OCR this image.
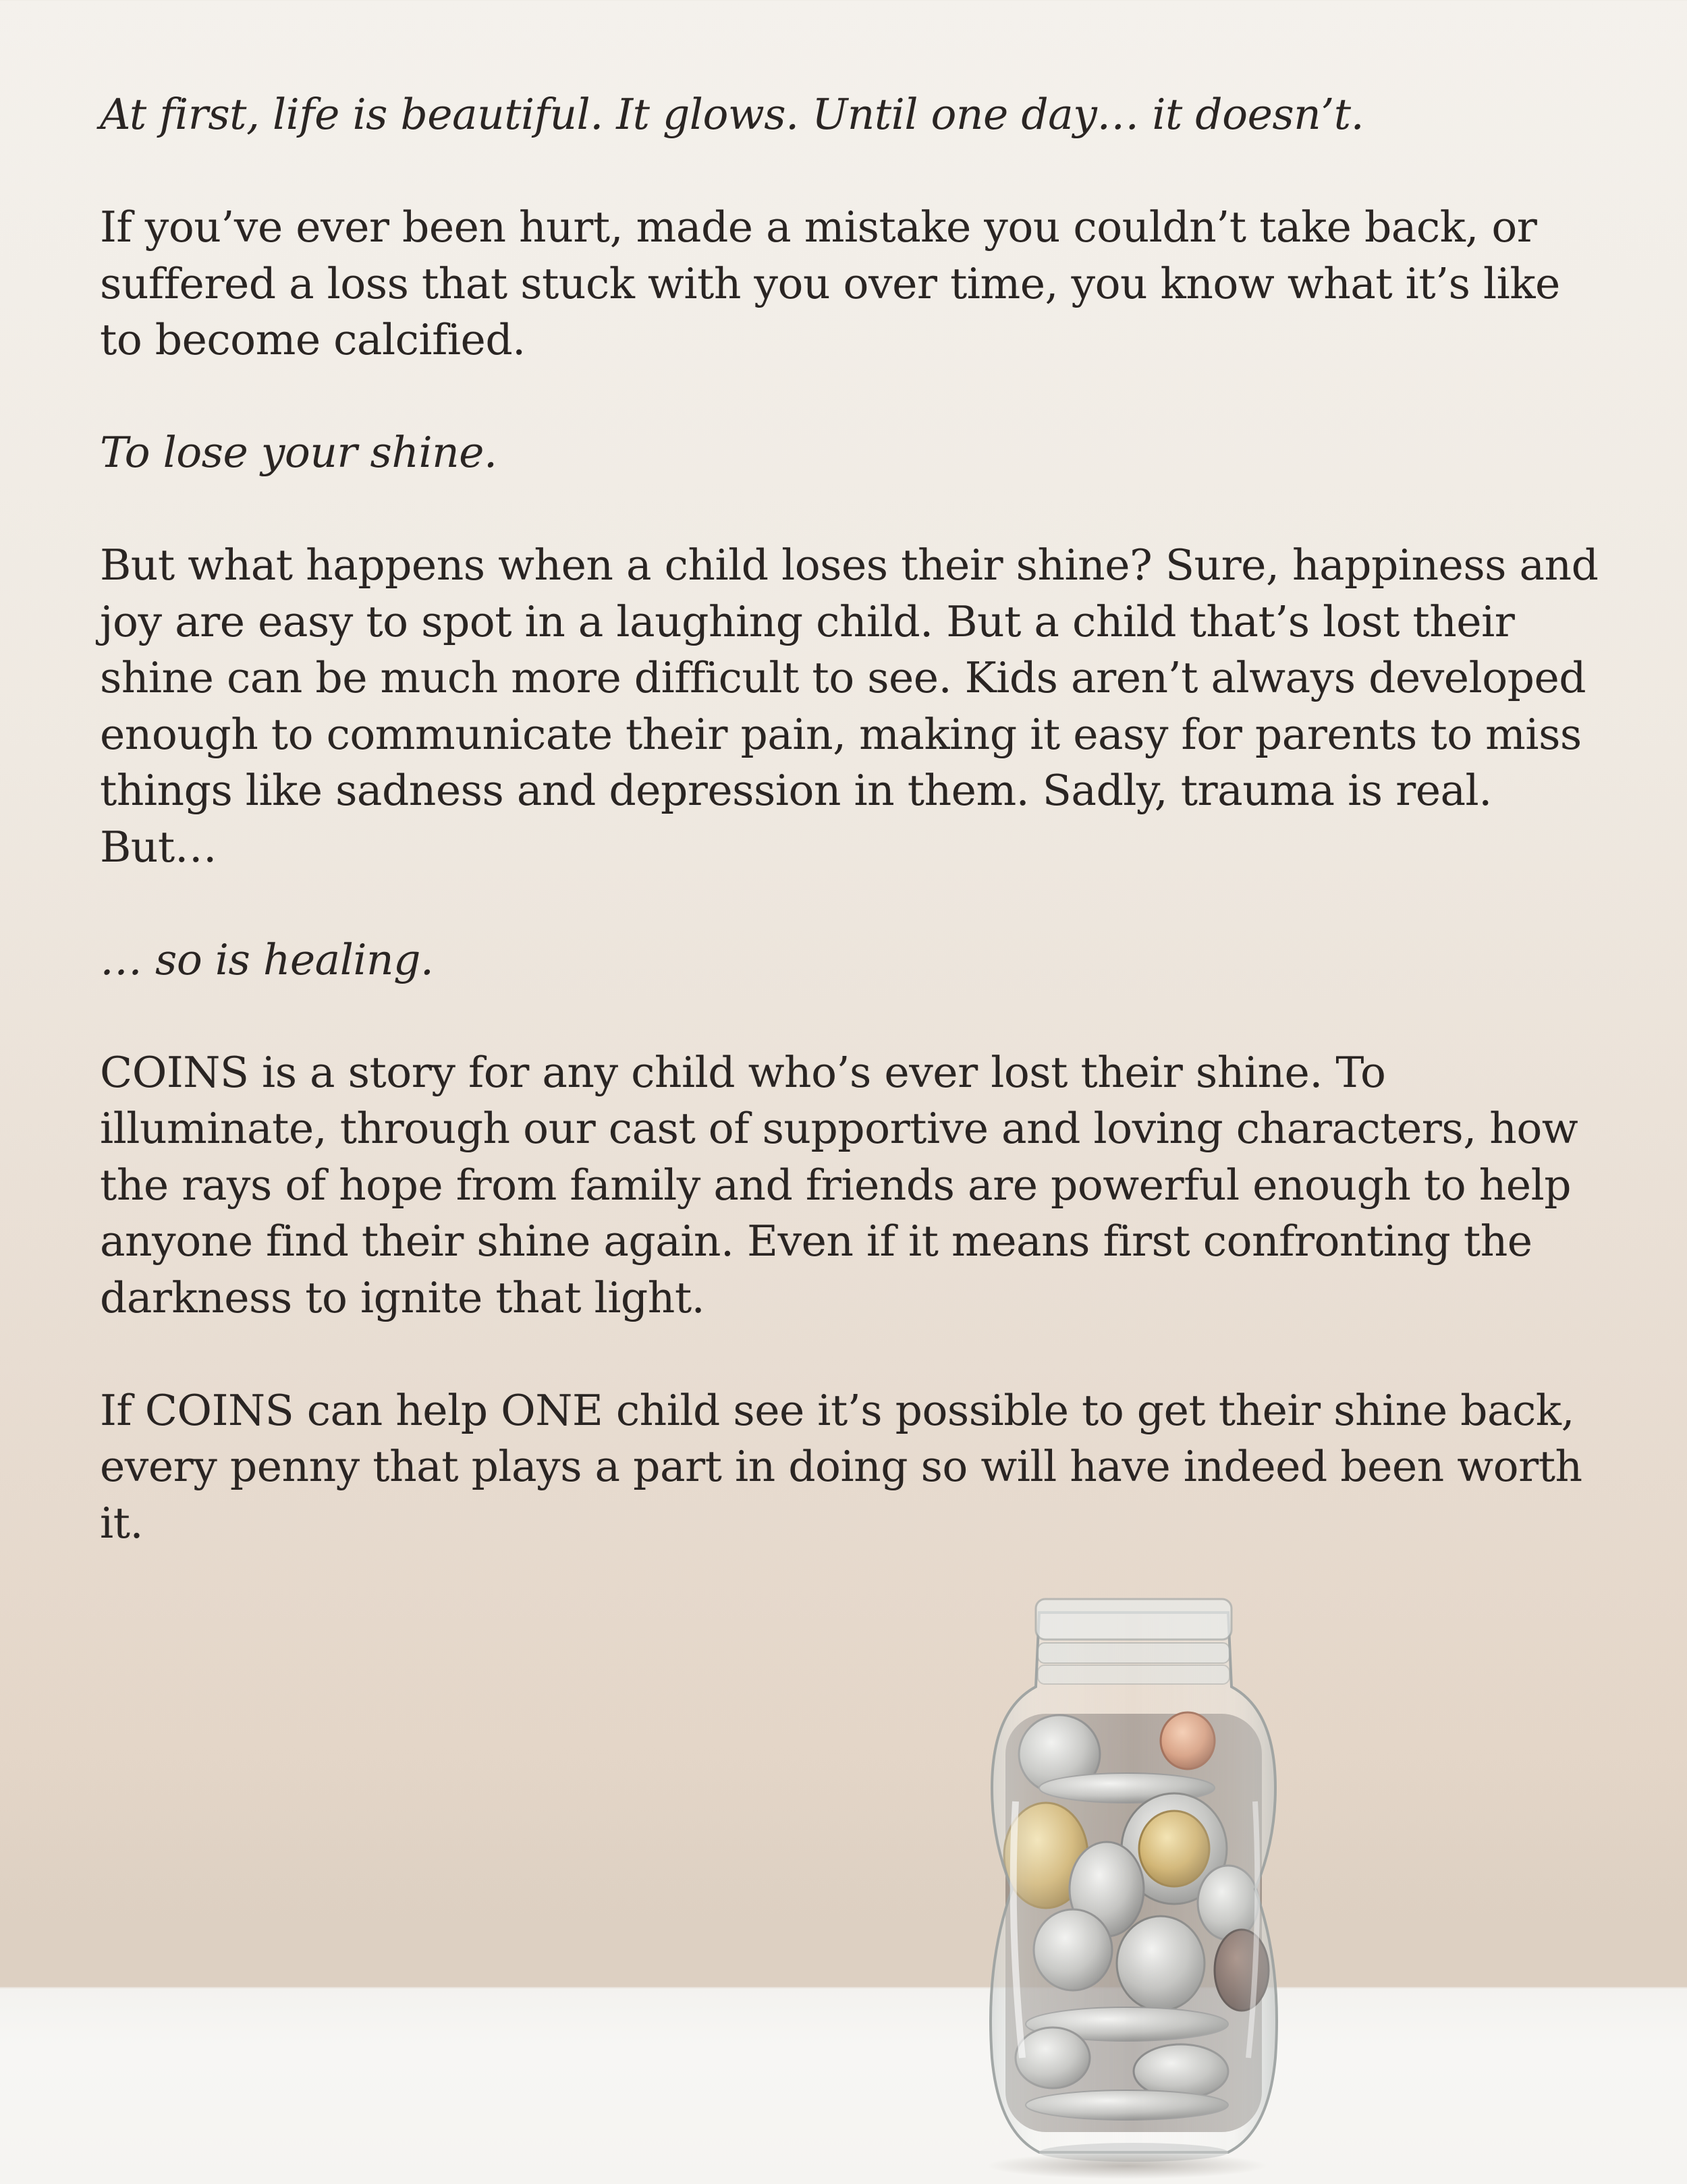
At first, life is beautiful. It glows. Until one day… it doesn’t.

If you’ve ever been hurt, made a mistake you couldn’t take back, or suffered a loss that stuck with you over time, you know what it’s like to become calcified.

To lose your shine.

But what happens when a child loses their shine? Sure, happiness and joy are easy to spot in a laughing child. But a child that’s lost their shine can be much more difficult to see. Kids aren’t always developed enough to communicate their pain, making it easy for parents to miss things like sadness and depression in them. Sadly, trauma is real. But…

… so is healing.

COINS is a story for any child who’s ever lost their shine. To illuminate, through our cast of supportive and loving characters, how the rays of hope from family and friends are powerful enough to help anyone find their shine again. Even if it means first confronting the darkness to ignite that light.

If COINS can help ONE child see it’s possible to get their shine back, every penny that plays a part in doing so will have indeed been worth it.
